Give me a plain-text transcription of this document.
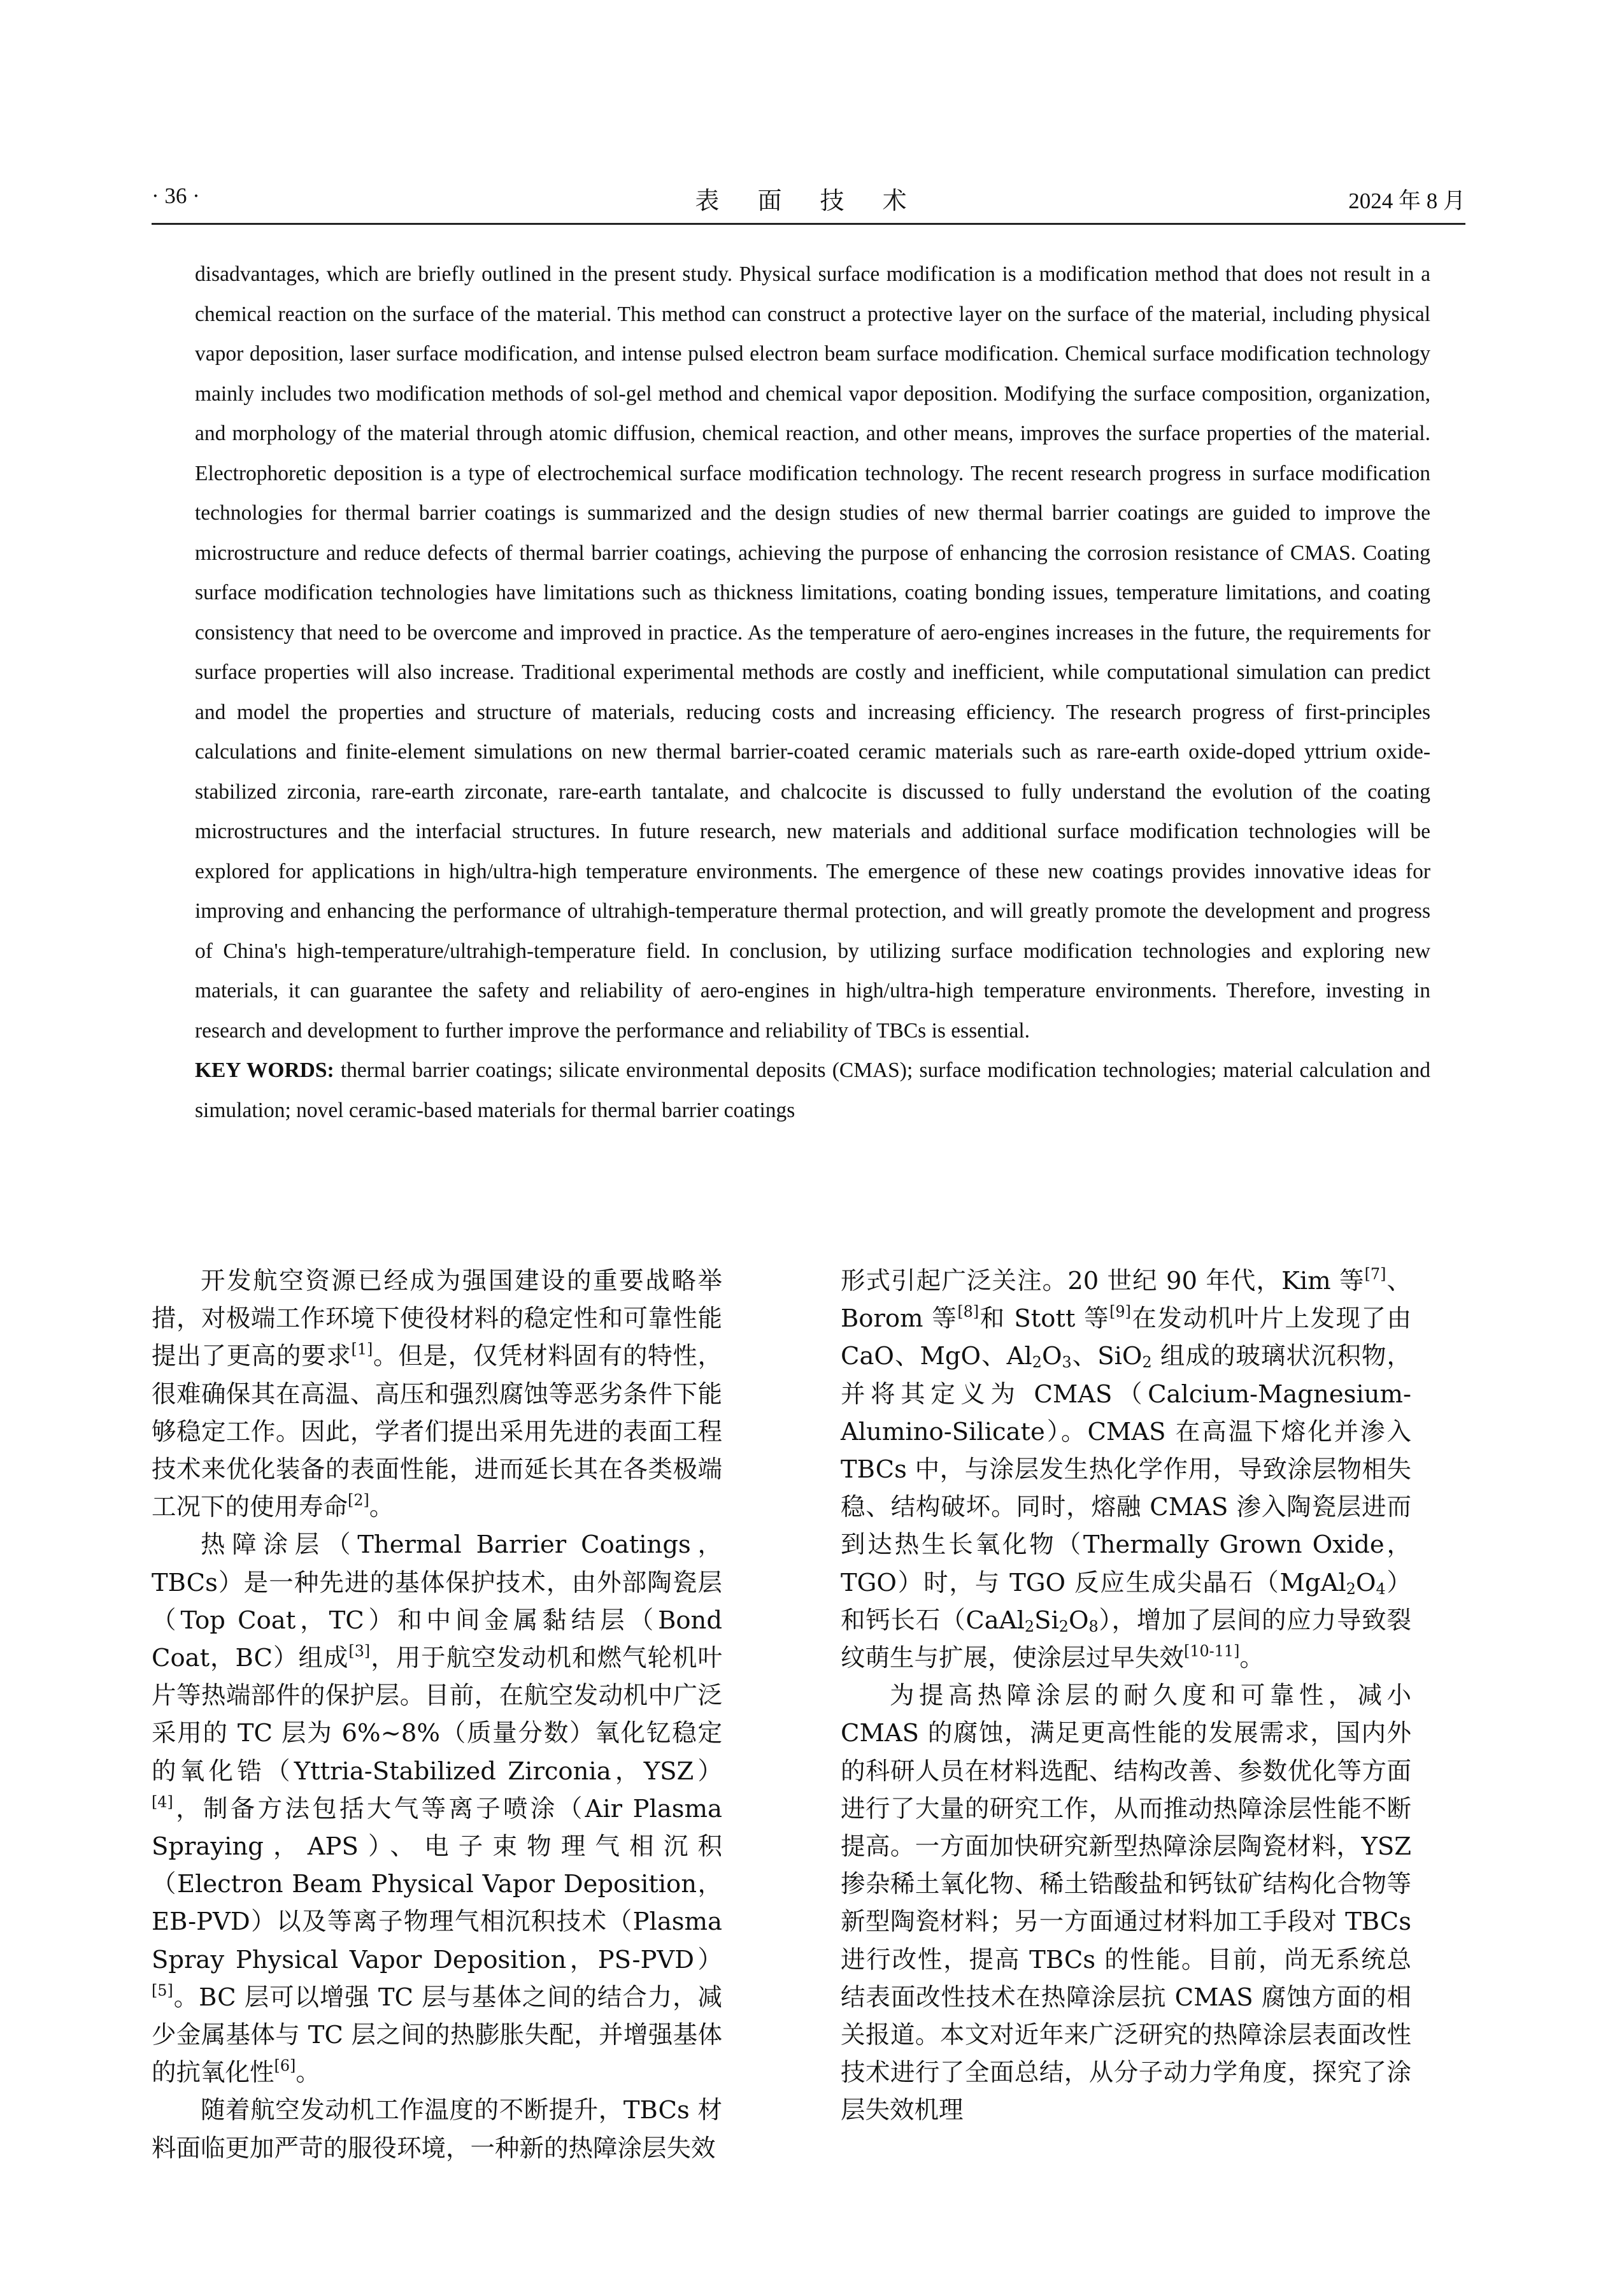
· 36 ·	表 面 技 术	2024 年 8 月

disadvantages, which are briefly outlined in the present study. Physical surface modification is a modification method that does not result in a chemical reaction on the surface of the material. This method can construct a protective layer on the surface of the material, including physical vapor deposition, laser surface modification, and intense pulsed electron beam surface modification. Chemical surface modification technology mainly includes two modification methods of sol-gel method and chemical vapor deposition. Modifying the surface composition, organization, and morphology of the material through atomic diffusion, chemical reaction, and other means, improves the surface properties of the material. Electrophoretic deposition is a type of electrochemical surface modification technology. The recent research progress in surface modification technologies for thermal barrier coatings is summarized and the design studies of new thermal barrier coatings are guided to improve the microstructure and reduce defects of thermal barrier coatings, achieving the purpose of enhancing the corrosion resistance of CMAS. Coating surface modification technologies have limitations such as thickness limitations, coating bonding issues, temperature limitations, and coating consistency that need to be overcome and improved in practice. As the temperature of aero-engines increases in the future, the requirements for surface properties will also increase. Traditional experimental methods are costly and inefficient, while computational simulation can predict and model the properties and structure of materials, reducing costs and increasing efficiency. The research progress of first-principles calculations and finite-element simulations on new thermal barrier-coated ceramic materials such as rare-earth oxide-doped yttrium oxide-stabilized zirconia, rare-earth zirconate, rare-earth tantalate, and chalcocite is discussed to fully understand the evolution of the coating microstructures and the interfacial structures. In future research, new materials and additional surface modification technologies will be explored for applications in high/ultra-high temperature environments. The emergence of these new coatings provides innovative ideas for improving and enhancing the performance of ultrahigh-temperature thermal protection, and will greatly promote the development and progress of China's high-temperature/ultrahigh-temperature field. In conclusion, by utilizing surface modification technologies and exploring new materials, it can guarantee the safety and reliability of aero-engines in high/ultra-high temperature environments. Therefore, investing in research and development to further improve the performance and reliability of TBCs is essential.

KEY WORDS: thermal barrier coatings; silicate environmental deposits (CMAS); surface modification technologies; material calculation and simulation; novel ceramic-based materials for thermal barrier coatings

开发航空资源已经成为强国建设的重要战略举措，对极端工作环境下使役材料的稳定性和可靠性能提出了更高的要求[1]。但是，仅凭材料固有的特性，很难确保其在高温、高压和强烈腐蚀等恶劣条件下能够稳定工作。因此，学者们提出采用先进的表面工程技术来优化装备的表面性能，进而延长其在各类极端工况下的使用寿命[2]。

热障涂层（Thermal Barrier Coatings，TBCs）是一种先进的基体保护技术，由外部陶瓷层（Top Coat，TC）和中间金属黏结层（Bond Coat，BC）组成[3]，用于航空发动机和燃气轮机叶片等热端部件的保护层。目前，在航空发动机中广泛采用的 TC 层为 6%~8%（质量分数）氧化钇稳定的氧化锆（Yttria-Stabilized Zirconia，YSZ）[4]，制备方法包括大气等离子喷涂（Air Plasma Spraying，APS）、电子束物理气相沉积（Electron Beam Physical Vapor Deposition，EB-PVD）以及等离子物理气相沉积技术（Plasma Spray Physical Vapor Deposition，PS-PVD）[5]。BC 层可以增强 TC 层与基体之间的结合力，减少金属基体与 TC 层之间的热膨胀失配，并增强基体的抗氧化性[6]。

随着航空发动机工作温度的不断提升，TBCs 材料面临更加严苛的服役环境，一种新的热障涂层失效

形式引起广泛关注。20 世纪 90 年代，Kim 等[7]、Borom 等[8]和 Stott 等[9]在发动机叶片上发现了由 CaO、MgO、$Al_2O_3$、SiO$_2$ 组成的玻璃状沉积物，并将其定义为 CMAS（Calcium-Magnesium-Alumino-Silicate）。CMAS 在高温下熔化并渗入 TBCs 中，与涂层发生热化学作用，导致涂层物相失稳、结构破坏。同时，熔融 CMAS 渗入陶瓷层进而到达热生长氧化物（Thermally Grown Oxide，TGO）时，与 TGO 反应生成尖晶石$(MgAl_2O_4)$和钙长石$(CaAl_2Si_2O_8)$，增加了层间的应力导致裂纹萌生与扩展，使涂层过早失效[10-11]。

为提高热障涂层的耐久度和可靠性，减小 CMAS 的腐蚀，满足更高性能的发展需求，国内外的科研人员在材料选配、结构改善、参数优化等方面进行了大量的研究工作，从而推动热障涂层性能不断提高。一方面加快研究新型热障涂层陶瓷材料，YSZ 掺杂稀土氧化物、稀土锆酸盐和钙钛矿结构化合物等新型陶瓷材料；另一方面通过材料加工手段对 TBCs 进行改性，提高 TBCs 的性能。目前，尚无系统总结表面改性技术在热障涂层抗 CMAS 腐蚀方面的相关报道。本文对近年来广泛研究的热障涂层表面改性技术进行了全面总结，从分子动力学角度，探究了涂层失效机理
